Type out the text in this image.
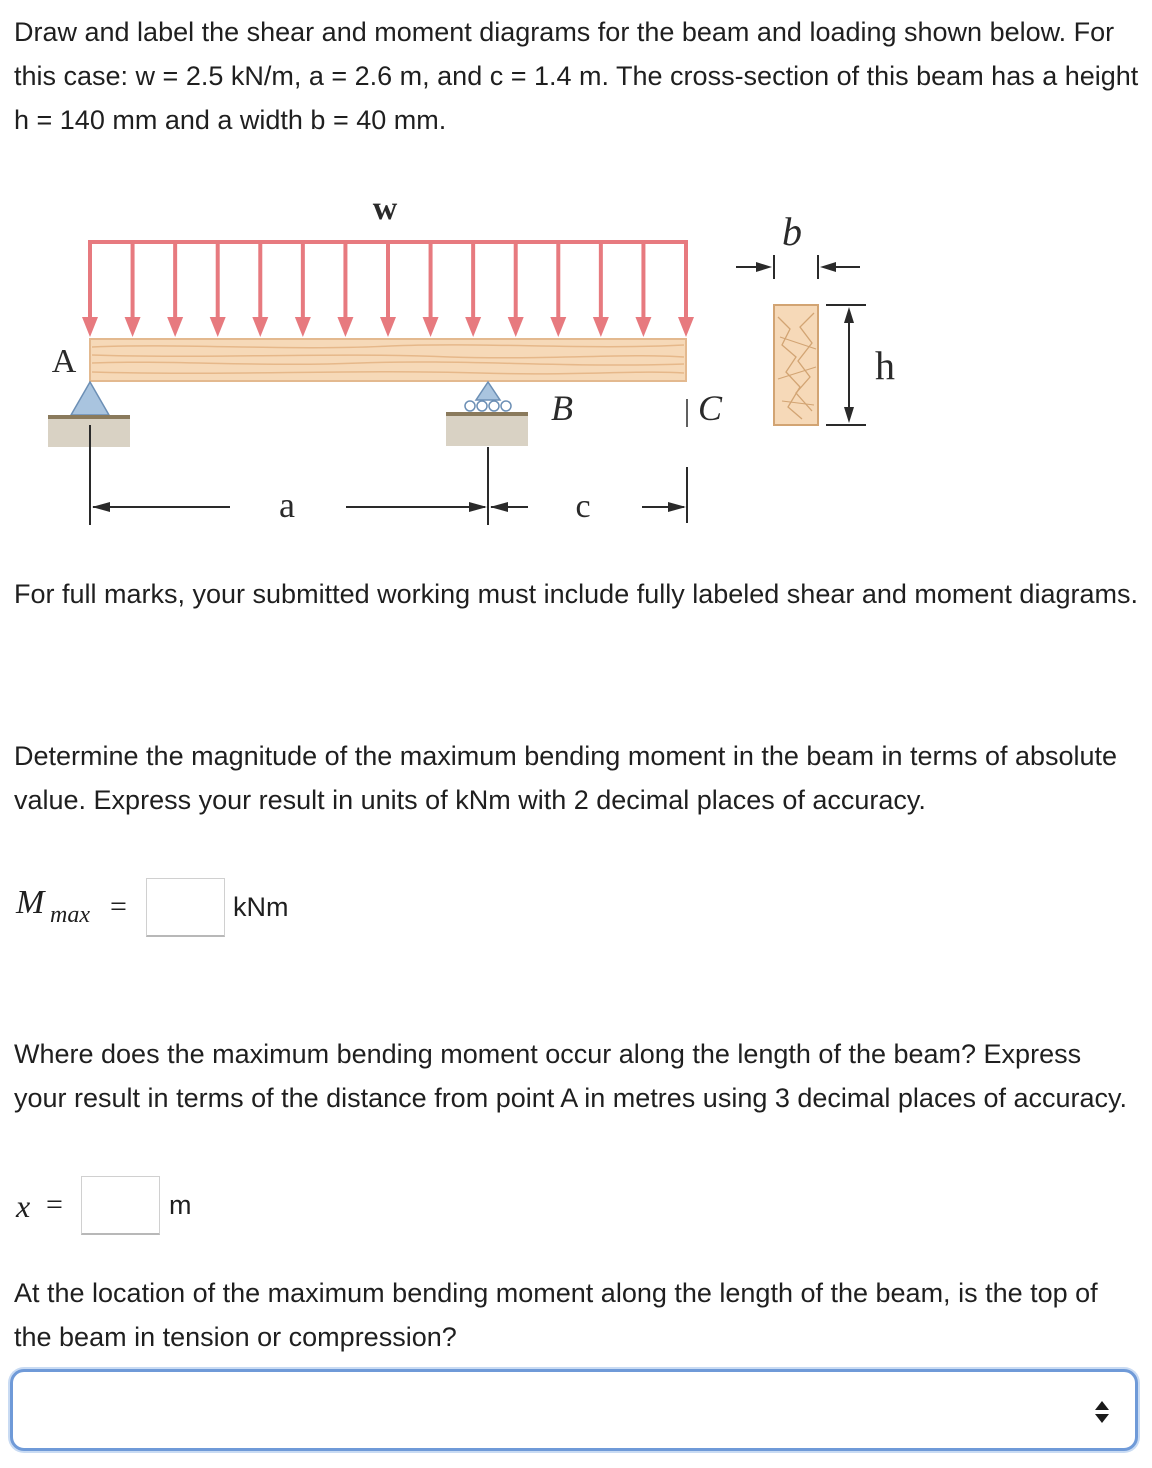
Draw and label the shear and moment diagrams for the beam and loading shown below. For this case: w = 2.5 kN/m, a = 2.6 m, and c = 1.4 m. The cross-section of this beam has a height h = 140 mm and a width b = 40 mm.
w
A
B	C
a	c
b
h
For full marks, your submitted working must include fully labeled shear and moment diagrams.
Determine the magnitude of the maximum bending moment in the beam in terms of absolute value. Express your result in units of kNm with 2 decimal places of accuracy.
M max =	kNm
Where does the maximum bending moment occur along the length of the beam? Express your result in terms of the distance from point A in metres using 3 decimal places of accuracy.
x =	m
At the location of the maximum bending moment along the length of the beam, is the top of the beam in tension or compression?
